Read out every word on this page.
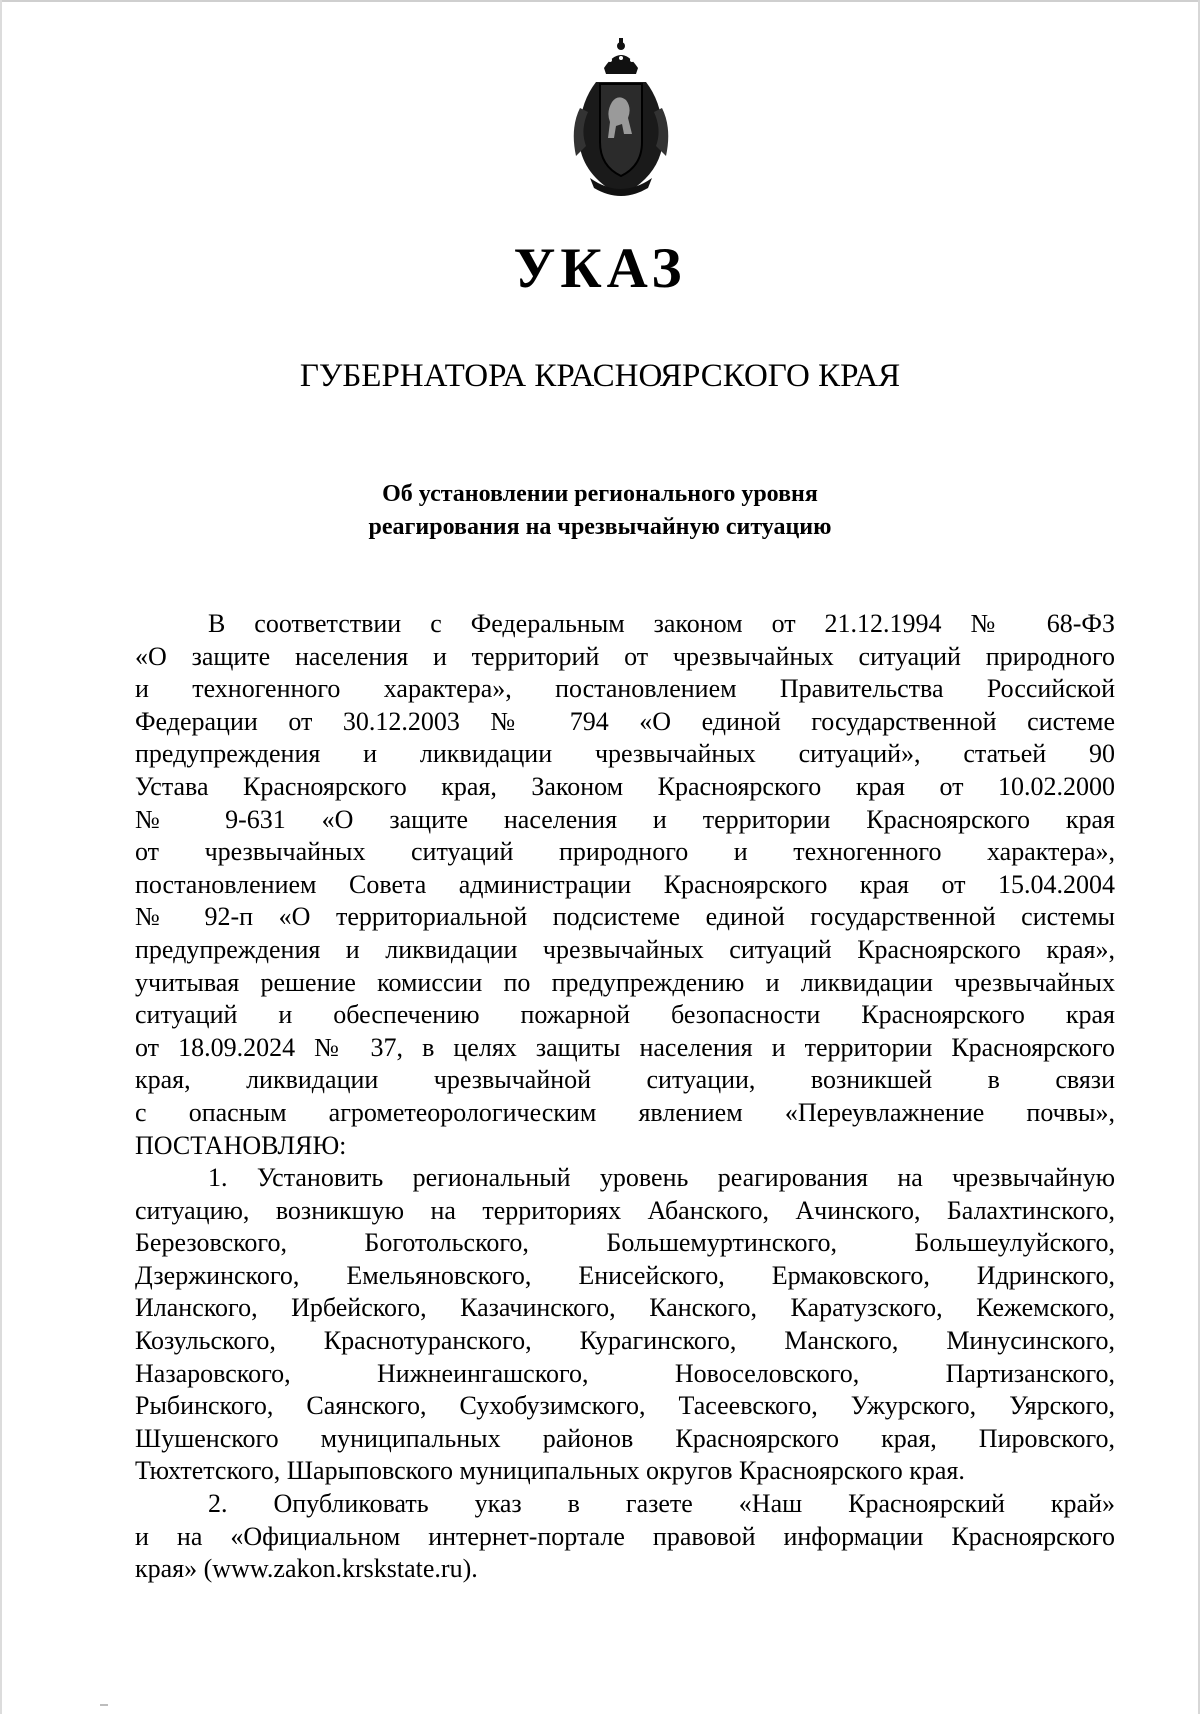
УКАЗ
ГУБЕРНАТОРА КРАСНОЯРСКОГО КРАЯ
Об установлении регионального уровня
реагирования на чрезвычайную ситуацию
В соответствии с Федеральным законом от 21.12.1994 № 68-ФЗ
«О защите населения и территорий от чрезвычайных ситуаций природного
и техногенного характера», постановлением Правительства Российской
Федерации от 30.12.2003 № 794 «О единой государственной системе
предупреждения и ликвидации чрезвычайных ситуаций», статьей 90
Устава Красноярского края, Законом Красноярского края от 10.02.2000
№ 9-631 «О защите населения и территории Красноярского края
от чрезвычайных ситуаций природного и техногенного характера»,
постановлением Совета администрации Красноярского края от 15.04.2004
№ 92-п «О территориальной подсистеме единой государственной системы
предупреждения и ликвидации чрезвычайных ситуаций Красноярского края»,
учитывая решение комиссии по предупреждению и ликвидации чрезвычайных
ситуаций и обеспечению пожарной безопасности Красноярского края
от 18.09.2024 № 37, в целях защиты населения и территории Красноярского
края, ликвидации чрезвычайной ситуации, возникшей в связи
с опасным агрометеорологическим явлением «Переувлажнение почвы»,
ПОСТАНОВЛЯЮ:
1. Установить региональный уровень реагирования на чрезвычайную
ситуацию, возникшую на территориях Абанского, Ачинского, Балахтинского,
Березовского, Боготольского, Большемуртинского, Большеулуйского,
Дзержинского, Емельяновского, Енисейского, Ермаковского, Идринского,
Иланского, Ирбейского, Казачинского, Канского, Каратузского, Кежемского,
Козульского, Краснотуранского, Курагинского, Манского, Минусинского,
Назаровского, Нижнеингашского, Новоселовского, Партизанского,
Рыбинского, Саянского, Сухобузимского, Тасеевского, Ужурского, Уярского,
Шушенского муниципальных районов Красноярского края, Пировского,
Тюхтетского, Шарыповского муниципальных округов Красноярского края.
2. Опубликовать указ в газете «Наш Красноярский край»
и на «Официальном интернет-портале правовой информации Красноярского
края» (www.zakon.krskstate.ru).
